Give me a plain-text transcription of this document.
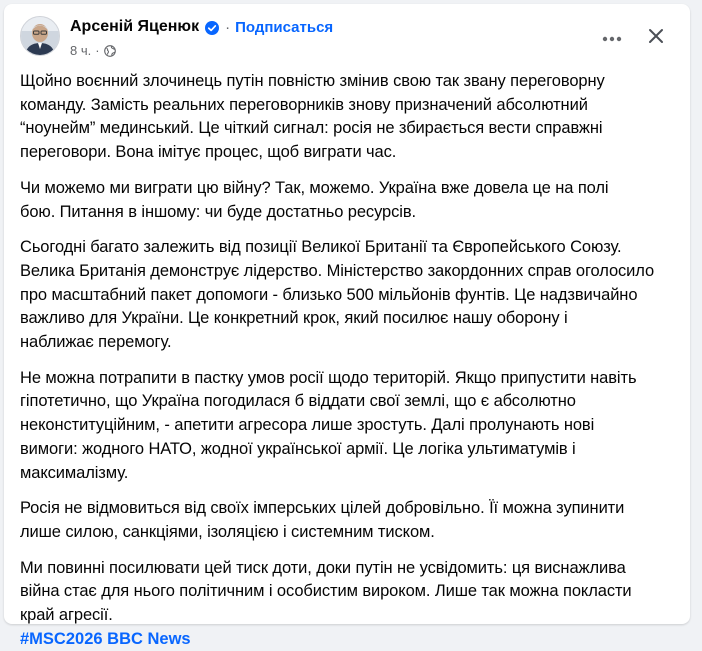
Арсеній Яценюк · Подписаться
8 ч. ·

Щойно воєнний злочинець путін повністю змінив свою так звану переговорну
команду. Замість реальних переговорників знову призначений абсолютний
“ноунейм” мединський. Це чіткий сигнал: росія не збирається вести справжні
переговори. Вона імітує процес, щоб виграти час.

Чи можемо ми виграти цю війну? Так, можемо. Україна вже довела це на полі
бою. Питання в іншому: чи буде достатньо ресурсів.

Сьогодні багато залежить від позиції Великої Британії та Європейського Союзу.
Велика Британія демонструє лідерство. Міністерство закордонних справ оголосило
про масштабний пакет допомоги - близько 500 мільйонів фунтів. Це надзвичайно
важливо для України. Це конкретний крок, який посилює нашу оборону і
наближає перемогу.

Не можна потрапити в пастку умов росії щодо територій. Якщо припустити навіть
гіпотетично, що Україна погодилася б віддати свої землі, що є абсолютно
неконституційним, - апетити агресора лише зростуть. Далі пролунають нові
вимоги: жодного НАТО, жодної української армії. Це логіка ультиматумів і
максималізму.

Росія не відмовиться від своїх імперських цілей добровільно. Її можна зупинити
лише силою, санкціями, ізоляцією і системним тиском.

Ми повинні посилювати цей тиск доти, доки путін не усвідомить: ця виснажлива
війна стає для нього політичним і особистим вироком. Лише так можна покласти
край агресії.

#MSC2026 BBC News
